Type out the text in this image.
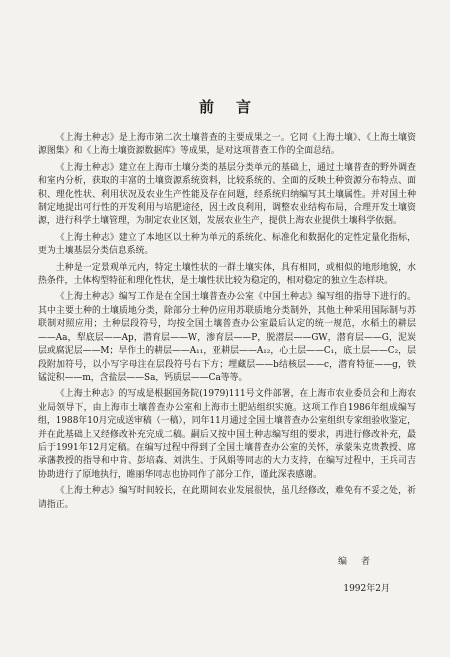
前言

《上海土种志》是上海市第二次土壤普查的主要成果之一。它同《上海土壤》、《上海土壤资源图集》和《上海土壤资源数据库》等成果，是对这项普查工作的全面总结。

《上海土种志》建立在上海市土壤分类的基层分类单元的基础上，通过土壤普查的野外调查和室内分析，获取的丰富的土壤资源系统资料，比较系统的、全面的反映土种资源分布特点、面积、理化性状、利用状况及农业生产性能及存在问题，经系统归纳编写其土壤属性。并对国土种制定地提出可行性的开发利用与培肥途径，因土改良利用，调整农业结构布局，合理开发土壤资源，进行科学土壤管理，为制定农业区划，发展农业生产，提供上海农业提供土壤科学依据。

《上海土种志》建立了本地区以土种为单元的系统化、标准化和数据化的定性定量化指标，更为土壤基层分类信息系统。

土种是一定景观单元内，特定土壤性状的一群土壤实体，具有相同，或相似的地形地貌，水热条件，土体构型特征和理化性状，是土壤性状比较为稳定的，相对稳定的独立生态样块。

《上海土种志》编写工作是在全国土壤普查办公室《中国土种志》编写组的指导下进行的。其中主要土种的土壤质地分类，除部分土种仍应用苏联质地分类制外，其他土种采用国际制与苏联制对照应用；土种层段符号，均按全国土壤普查办公室最后认定的统一规范，水稻土的耕层——Aa，犁底层——Ap，潜育层——W，渗育层——P，脱潜层——GW，潜育层——G，泥炭层或腐泥层——M；旱作土的耕层——A₁₁，亚耕层——A₁₂，心土层——C₁，底土层——C₂，层段附加符号，以小写字母注在层段符号右下方；埋藏层——b结核层——c，潜育特征——g，铁锰淀积——m，含盐层——Sa，钙质层——Ca等等。

《上海土种志》的写成是根据国务院(1979)111号文件部署，在上海市农业委员会和上海农业局领导下，由上海市土壤普查办公室和上海市土肥站组织实施。这项工作自1986年组成编写组，1988年10月完成送审稿（一稿），同年11月通过全国土壤普查办公室组织专家组验收鉴定，并在此基础上又经修改补充完成二稿。嗣后又按中国土种志编写组的要求，再进行修改补充，最后于1991年12月定稿。在编写过程中得到了全国土壤普查办公室的关怀，承蒙朱克贵教授、席承藩教授的指导和中肯、彭培森、刘洪生、于风娟等同志的大力支持，在编写过程中，王兵司吉协助进行了原地执行，睢丽华同志也协同作了部分工作，谨此深表感谢。

《上海土种志》编写时间较长，在此期间农业发展很快，虽几经修改，难免有不妥之处，祈请指正。

编者
1992年2月
